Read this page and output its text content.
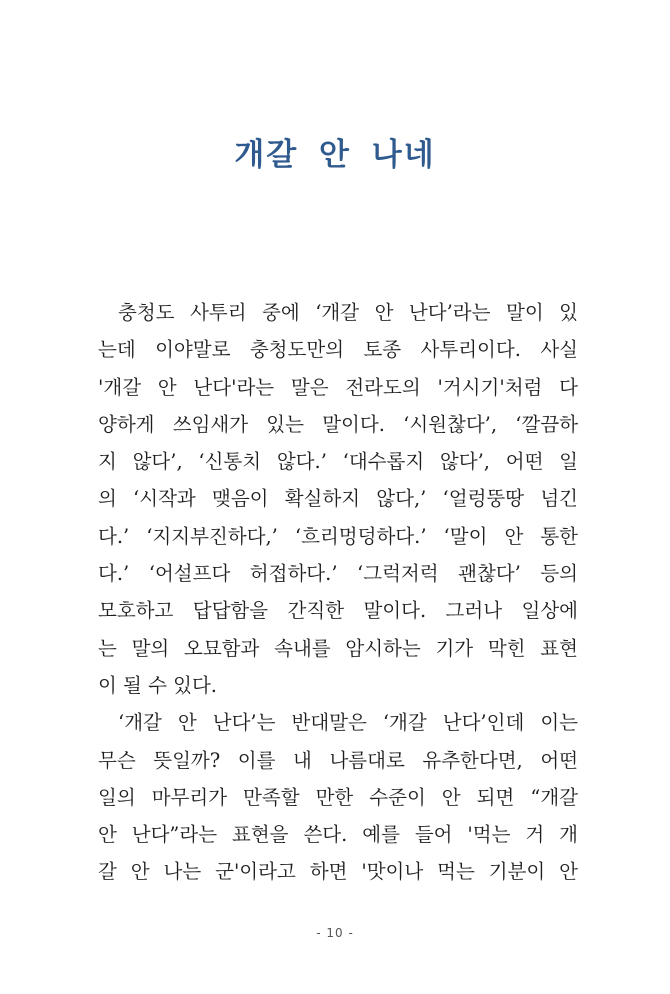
개갈 안 나네
충청도 사투리 중에 ‘개갈 안 난다’라는 말이 있
는데 이야말로 충청도만의 토종 사투리이다. 사실
'개갈 안 난다'라는 말은 전라도의 '거시기'처럼 다
양하게 쓰임새가 있는 말이다. ‘시원찮다’, ‘깔끔하
지 않다’, ‘신통치 않다.’ ‘대수롭지 않다’, 어떤 일
의 ‘시작과 맺음이 확실하지 않다,’ ‘얼렁뚱땅 넘긴
다.’ ‘지지부진하다,’ ‘흐리멍덩하다.’ ‘말이 안 통한
다.’ ‘어설프다 허접하다.’ ‘그럭저럭 괜찮다’ 등의
모호하고 답답함을 간직한 말이다. 그러나 일상에
는 말의 오묘함과 속내를 암시하는 기가 막힌 표현
이 될 수 있다.
‘개갈 안 난다’는 반대말은 ‘개갈 난다’인데 이는
무슨 뜻일까? 이를 내 나름대로 유추한다면, 어떤
일의 마무리가 만족할 만한 수준이 안 되면 “개갈
안 난다”라는 표현을 쓴다. 예를 들어 '먹는 거 개
갈 안 나는 군'이라고 하면 '맛이나 먹는 기분이 안
- 10 -
